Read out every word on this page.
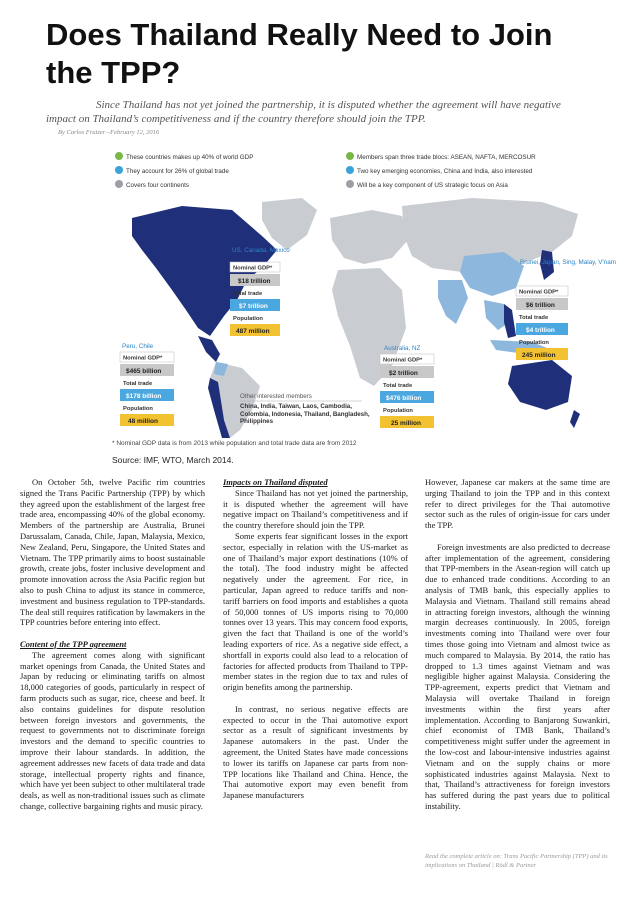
Does Thailand Really Need to Join the TPP?
Since Thailand has not yet joined the partnership, it is disputed whether the agreement will have negative impact on Thailand’s competitiveness and if the country therefore should join the TPP.
By Carlos Frutzer –February 12, 2016
These countries makes up 40% of world GDP
They account for 26% of global trade
Covers four continents
Members span three trade blocs: ASEAN, NAFTA, MERCOSUR
Two key emerging economies, China and India, also interested
Will be a key component of US strategic focus on Asia
US, Canada, Mexico
Nominal GDP*
$18 trillion
Total trade
$7 trillion
Population
487 million
Brunei, Japan, Sing, Malay, V'nam
Nominal GDP*
$6 trillion
Total trade
$4 trillion
Population
245 million
Peru, Chile
Nominal GDP*
$465 billion
Total trade
$178 billion
Population
48 million
Australia, NZ
Nominal GDP*
$2 trillion
Total trade
$476 billion
Population
25 million
Other interested members
China, India, Taiwan, Laos, Cambodia, Colombia, Indonesia, Thailand, Bangladesh, Philippines
* Nominal GDP data is from 2013 while population and total trade data are from 2012
Source: IMF, WTO, March 2014.

On October 5th, twelve Pacific rim countries signed the Trans Pacific Partnership (TPP) by which they agreed upon the establishment of the largest free trade area, encompassing 40% of the global economy. Members of the partnership are Australia, Brunei Darussalam, Canada, Chile, Japan, Malaysia, Mexico, New Zealand, Peru, Singapore, the United States and Vietnam. The TPP primarily aims to boost sustainable growth, create jobs, foster inclusive development and promote innovation across the Asia Pacific region but also to push China to adjust its stance in commerce, investment and business regulation to TPP-standards. The deal still requires ratification by lawmakers in the TPP countries before entering into effect.

Content of the TPP agreement

The agreement comes along with significant market openings from Canada, the United States and Japan by reducing or eliminating tariffs on almost 18,000 categories of goods, particularly in respect of farm products such as sugar, rice, cheese and beef. It also contains guidelines for dispute resolution between foreign investors and governments, the request to governments not to discriminate foreign investors and the demand to specific countries to improve their labour standards. In addition, the agreement addresses new facets of data trade and data storage, intellectual property rights and finance, which have yet been subject to other multilateral trade deals, as well as non-traditional issues such as climate change, collective bargaining rights and music piracy.

Impacts on Thailand disputed

Since Thailand has not yet joined the partnership, it is disputed whether the agreement will have negative impact on Thailand’s competitiveness and if the country therefore should join the TPP.

Some experts fear significant losses in the export sector, especially in relation with the US-market as one of Thailand’s major export destinations (10% of the total). The food industry might be affected negatively under the agreement. For rice, in particular, Japan agreed to reduce tariffs and non-tariff barriers on food imports and establishes a quota of 50,000 tonnes of US imports rising to 70,000 tonnes over 13 years. This may concern food exports, given the fact that Thailand is one of the world’s leading exporters of rice. As a negative side effect, a shortfall in exports could also lead to a relocation of factories for affected products from Thailand to TPP-member states in the region due to tax and rules of origin benefits among the partnership.

In contrast, no serious negative effects are expected to occur in the Thai automotive export sector as a result of significant investments by Japanese automakers in the past. Under the agreement, the United States have made concessions to lower its tariffs on Japanese car parts from non-TPP locations like Thailand and China. Hence, the Thai automotive export may even benefit from Japanese manufacturers

However, Japanese car makers at the same time are urging Thailand to join the TPP and in this context refer to direct privileges for the Thai automotive sector such as the rules of origin-issue for cars under the TPP.

Foreign investments are also predicted to decrease after implementation of the agreement, considering that TPP-members in the Asean-region will catch up due to enhanced trade conditions. According to an analysis of TMB bank, this especially applies to Malaysia and Vietnam. Thailand still remains ahead in attracting foreign investors, although the winning margin decreases continuously. In 2005, foreign investments coming into Thailand were over four times those going into Vietnam and almost twice as much compared to Malaysia. By 2014, the ratio has dropped to 1.3 times against Vietnam and was negligible higher against Malaysia. Considering the TPP-agreement, experts predict that Vietnam and Malaysia will overtake Thailand in foreign investments within the first years after implementation. According to Banjarong Suwankiri, chief economist of TMB Bank, Thailand’s competitiveness might suffer under the agreement in the low-cost and labour-intensive industries against Vietnam and on the supply chains or more sophisticated industries against Malaysia. Next to that, Thailand’s attractiveness for foreign investors has suffered during the past years due to political instability.

Read the complete article on: Trans Pacific Partnership (TPP) and its implications on Thailand | Rödl & Partner
